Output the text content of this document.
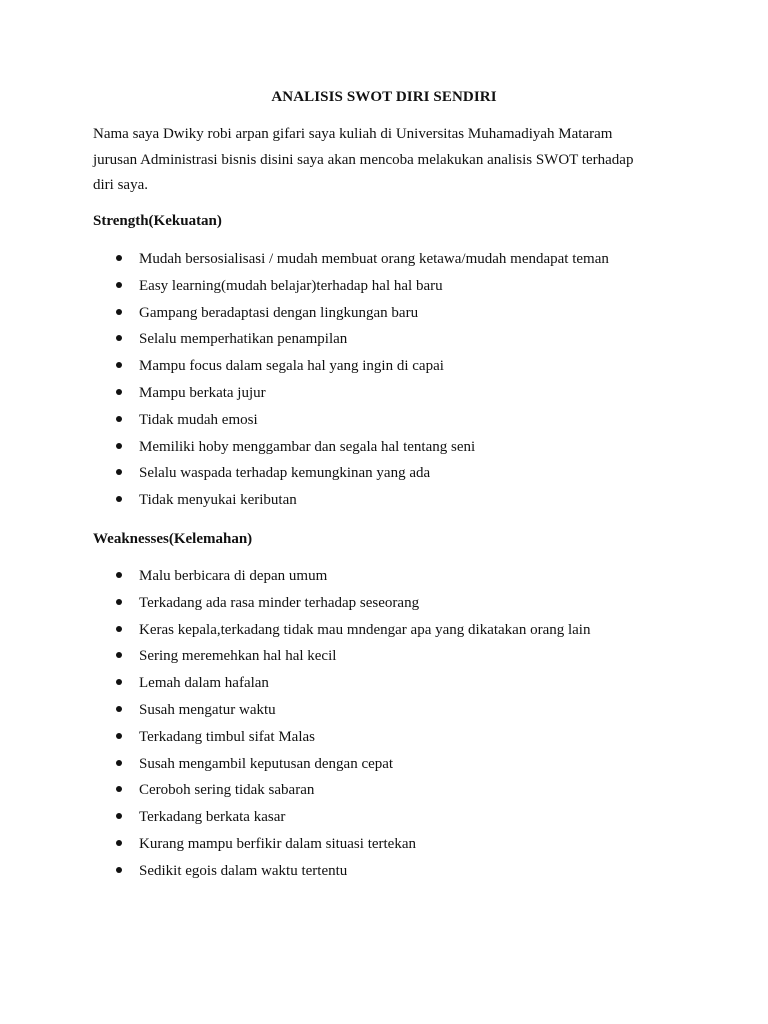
ANALISIS SWOT DIRI SENDIRI
Nama saya Dwiky robi arpan gifari saya kuliah di Universitas Muhamadiyah Mataram
jurusan Administrasi bisnis disini saya akan mencoba melakukan analisis SWOT terhadap
diri saya.
Strength(Kekuatan)
Mudah bersosialisasi / mudah membuat orang ketawa/mudah mendapat teman
Easy learning(mudah belajar)terhadap hal hal baru
Gampang beradaptasi dengan lingkungan baru
Selalu memperhatikan penampilan
Mampu focus dalam segala hal yang ingin di capai
Mampu berkata jujur
Tidak mudah emosi
Memiliki hoby menggambar dan segala hal tentang seni
Selalu waspada terhadap kemungkinan yang ada
Tidak menyukai keributan
Weaknesses(Kelemahan)
Malu berbicara di depan umum
Terkadang ada rasa minder terhadap seseorang
Keras kepala,terkadang tidak mau mndengar apa yang dikatakan orang lain
Sering meremehkan hal hal kecil
Lemah dalam hafalan
Susah mengatur waktu
Terkadang timbul sifat Malas
Susah mengambil keputusan dengan cepat
Ceroboh sering tidak sabaran
Terkadang berkata kasar
Kurang mampu berfikir dalam situasi tertekan
Sedikit egois dalam waktu tertentu
